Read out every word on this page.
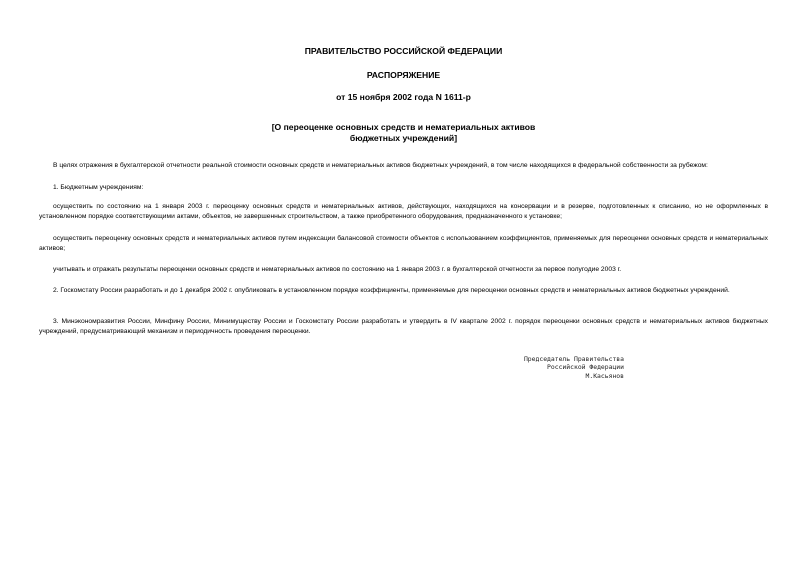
ПРАВИТЕЛЬСТВО РОССИЙСКОЙ ФЕДЕРАЦИИ
РАСПОРЯЖЕНИЕ
от 15 ноября 2002 года N 1611-р
[О переоценке основных средств и нематериальных активов
бюджетных учреждений]
В целях отражения в бухгалтерской отчетности реальной стоимости основных средств и нематериальных активов бюджетных учреждений, в том числе находящихся в федеральной собственности за рубежом:
1. Бюджетным учреждениям:
осуществить по состоянию на 1 января 2003 г. переоценку основных средств и нематериальных активов, действующих, находящихся на консервации и в резерве, подготовленных к списанию, но не оформленных в установленном порядке соответствующими актами, объектов, не завершенных строительством, а также приобретенного оборудования, предназначенного к установке;
осуществить переоценку основных средств и нематериальных активов путем индексации балансовой стоимости объектов с использованием коэффициентов, применяемых для переоценки основных средств и нематериальных активов;
учитывать и отражать результаты переоценки основных средств и нематериальных активов по состоянию на 1 января 2003 г. в бухгалтерской отчетности за первое полугодие 2003 г.
2. Госкомстату России разработать и до 1 декабря 2002 г. опубликовать в установленном порядке коэффициенты, применяемые для переоценки основных средств и нематериальных активов бюджетных учреждений.
3. Минэкономразвития России, Минфину России, Минимуществу России и Госкомстату России разработать и утвердить в IV квартале 2002 г. порядок переоценки основных средств и нематериальных активов бюджетных учреждений, предусматривающий механизм и периодичность проведения переоценки.
Председатель Правительства
Российской Федерации
М.Касьянов
